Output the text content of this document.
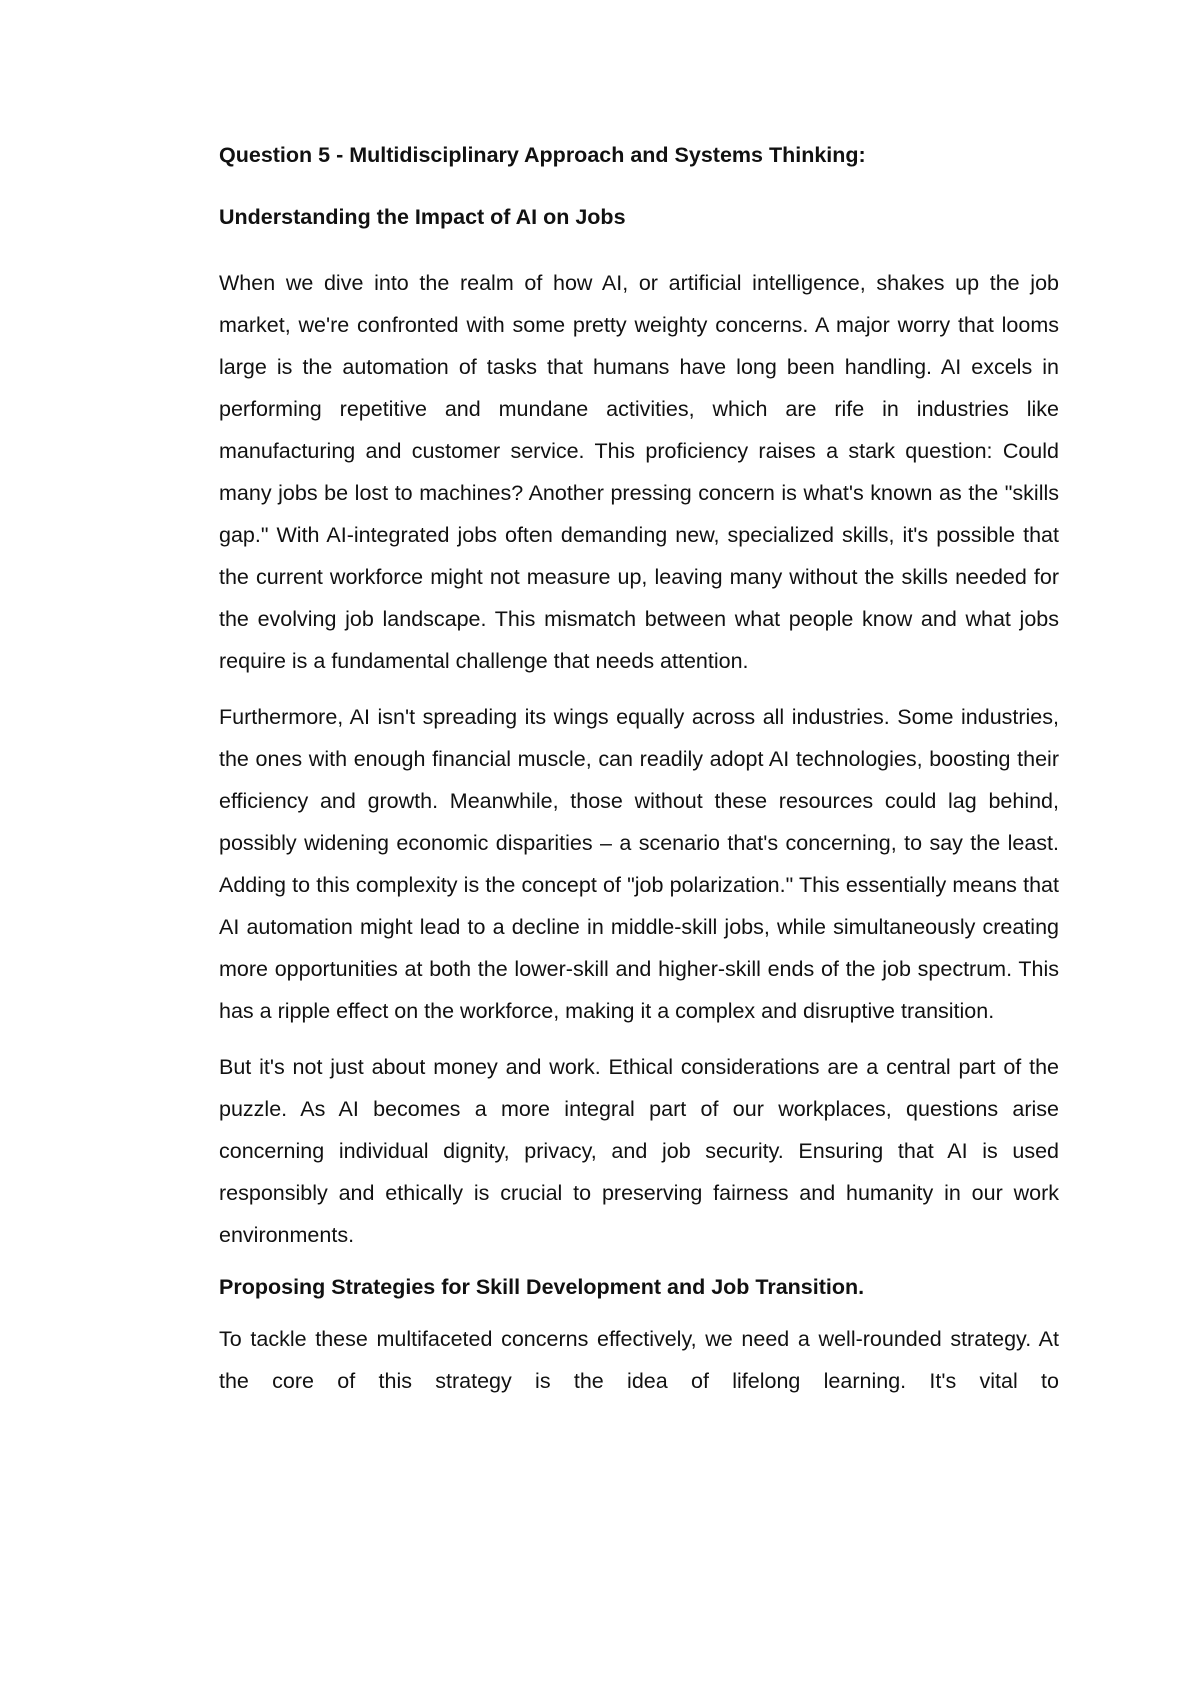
Question 5 - Multidisciplinary Approach and Systems Thinking:

Understanding the Impact of AI on Jobs

When we dive into the realm of how AI, or artificial intelligence, shakes up the job market, we're confronted with some pretty weighty concerns. A major worry that looms large is the automation of tasks that humans have long been handling. AI excels in performing repetitive and mundane activities, which are rife in industries like manufacturing and customer service. This proficiency raises a stark question: Could many jobs be lost to machines? Another pressing concern is what's known as the "skills gap." With AI-integrated jobs often demanding new, specialized skills, it's possible that the current workforce might not measure up, leaving many without the skills needed for the evolving job landscape. This mismatch between what people know and what jobs require is a fundamental challenge that needs attention.

Furthermore, AI isn't spreading its wings equally across all industries. Some industries, the ones with enough financial muscle, can readily adopt AI technologies, boosting their efficiency and growth. Meanwhile, those without these resources could lag behind, possibly widening economic disparities – a scenario that's concerning, to say the least. Adding to this complexity is the concept of "job polarization." This essentially means that AI automation might lead to a decline in middle-skill jobs, while simultaneously creating more opportunities at both the lower-skill and higher-skill ends of the job spectrum. This has a ripple effect on the workforce, making it a complex and disruptive transition.

But it's not just about money and work. Ethical considerations are a central part of the puzzle. As AI becomes a more integral part of our workplaces, questions arise concerning individual dignity, privacy, and job security. Ensuring that AI is used responsibly and ethically is crucial to preserving fairness and humanity in our work environments.

Proposing Strategies for Skill Development and Job Transition.

To tackle these multifaceted concerns effectively, we need a well-rounded strategy. At the core of this strategy is the idea of lifelong learning. It's vital to
